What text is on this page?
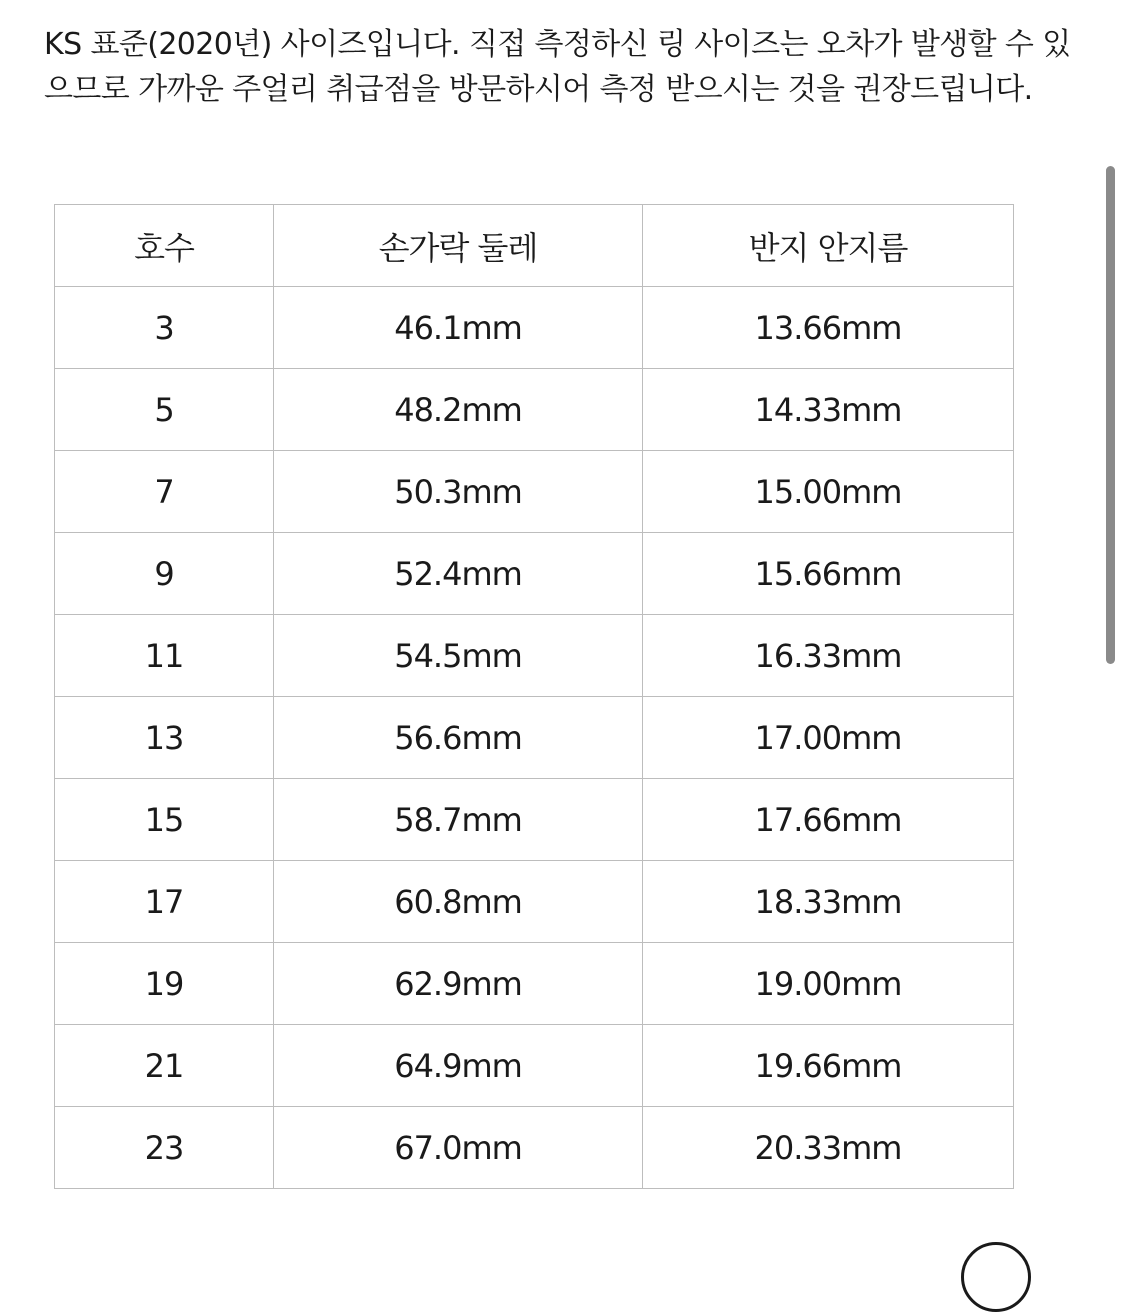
KS 표준(2020년) 사이즈입니다. 직접 측정하신 링 사이즈는 오차가 발생할 수 있으므로 가까운 주얼리 취급점을 방문하시어 측정 받으시는 것을 권장드립니다.

호수	손가락 둘레	반지 안지름
3	46.1mm	13.66mm
5	48.2mm	14.33mm
7	50.3mm	15.00mm
9	52.4mm	15.66mm
11	54.5mm	16.33mm
13	56.6mm	17.00mm
15	58.7mm	17.66mm
17	60.8mm	18.33mm
19	62.9mm	19.00mm
21	64.9mm	19.66mm
23	67.0mm	20.33mm
